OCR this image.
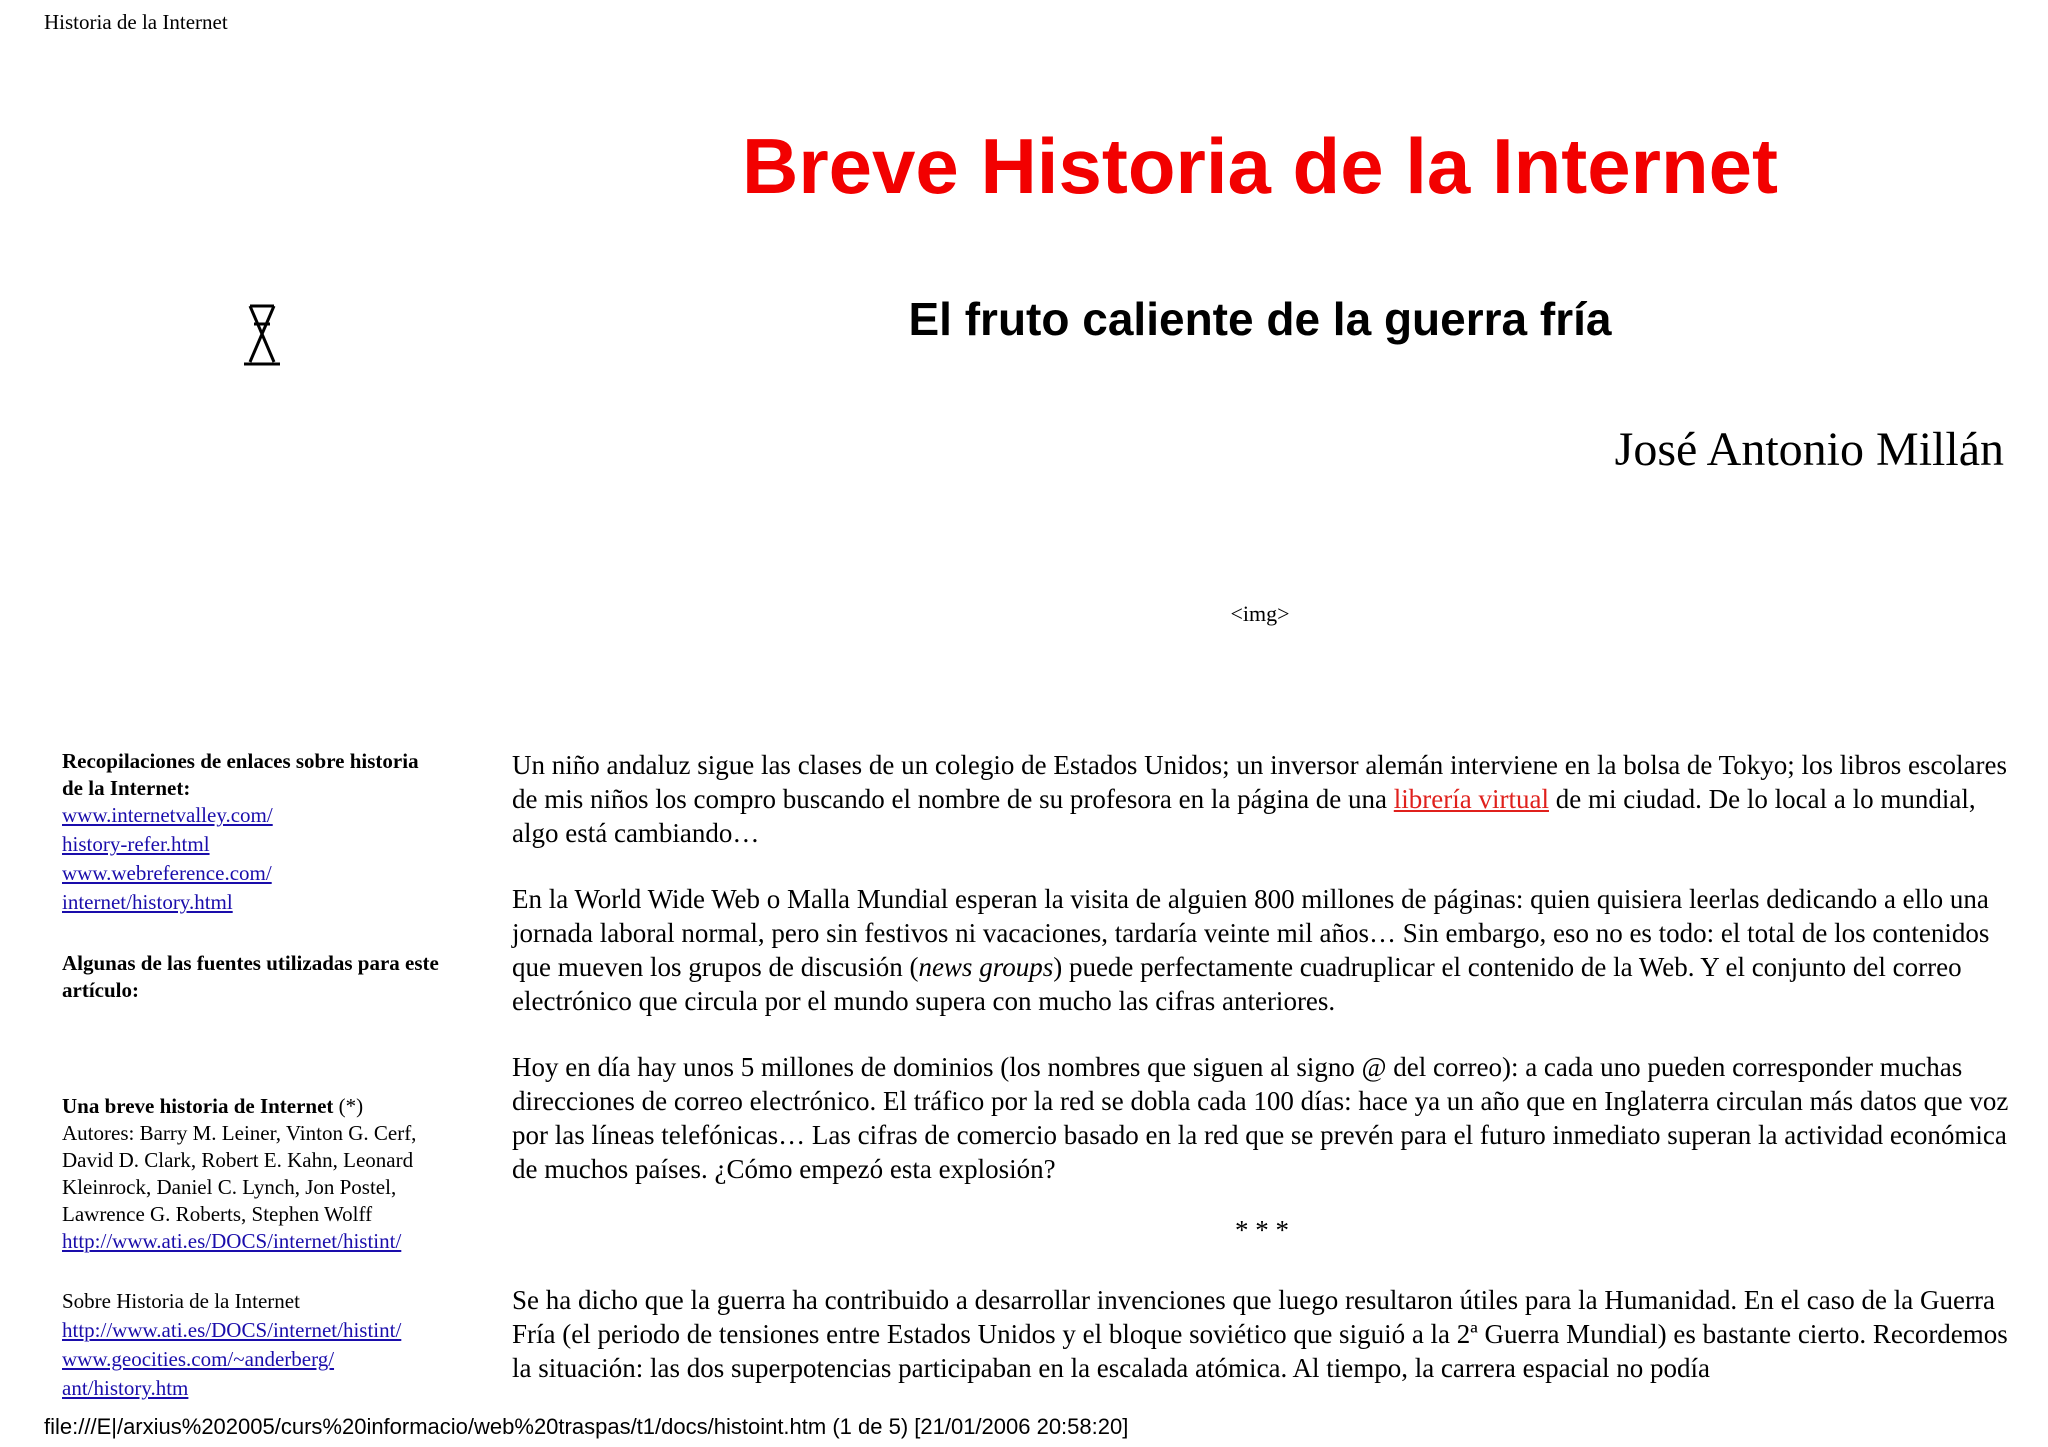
Historia de la Internet
Breve Historia de la Internet
El fruto caliente de la guerra fría
José Antonio Millán
<img>
Recopilaciones de enlaces sobre historia
de la Internet:
www.internetvalley.com/
history-refer.html
www.webreference.com/
internet/history.html
Algunas de las fuentes utilizadas para este
artículo:
Una breve historia de Internet (*)
Autores: Barry M. Leiner, Vinton G. Cerf,
David D. Clark, Robert E. Kahn, Leonard
Kleinrock, Daniel C. Lynch, Jon Postel,
Lawrence G. Roberts, Stephen Wolff
http://www.ati.es/DOCS/internet/histint/
Sobre Historia de la Internet
http://www.ati.es/DOCS/internet/histint/
www.geocities.com/~anderberg/
ant/history.htm

Un niño andaluz sigue las clases de un colegio de Estados Unidos; un inversor alemán interviene en la bolsa de Tokyo; los libros escolares de mis niños los compro buscando el nombre de su profesora en la página de una librería virtual de mi ciudad. De lo local a lo mundial, algo está cambiando…

En la World Wide Web o Malla Mundial esperan la visita de alguien 800 millones de páginas: quien quisiera leerlas dedicando a ello una jornada laboral normal, pero sin festivos ni vacaciones, tardaría veinte mil años… Sin embargo, eso no es todo: el total de los contenidos que mueven los grupos de discusión (news groups) puede perfectamente cuadruplicar el contenido de la Web. Y el conjunto del correo electrónico que circula por el mundo supera con mucho las cifras anteriores.

Hoy en día hay unos 5 millones de dominios (los nombres que siguen al signo @ del correo): a cada uno pueden corresponder muchas direcciones de correo electrónico. El tráfico por la red se dobla cada 100 días: hace ya un año que en Inglaterra circulan más datos que voz por las líneas telefónicas… Las cifras de comercio basado en la red que se prevén para el futuro inmediato superan la actividad económica de muchos países. ¿Cómo empezó esta explosión?

* * *

Se ha dicho que la guerra ha contribuido a desarrollar invenciones que luego resultaron útiles para la Humanidad. En el caso de la Guerra Fría (el periodo de tensiones entre Estados Unidos y el bloque soviético que siguió a la 2ª Guerra Mundial) es bastante cierto. Recordemos la situación: las dos superpotencias participaban en la escalada atómica. Al tiempo, la carrera espacial no podía

file:///E|/arxius%202005/curs%20informacio/web%20traspas/t1/docs/histoint.htm (1 de 5) [21/01/2006 20:58:20]
